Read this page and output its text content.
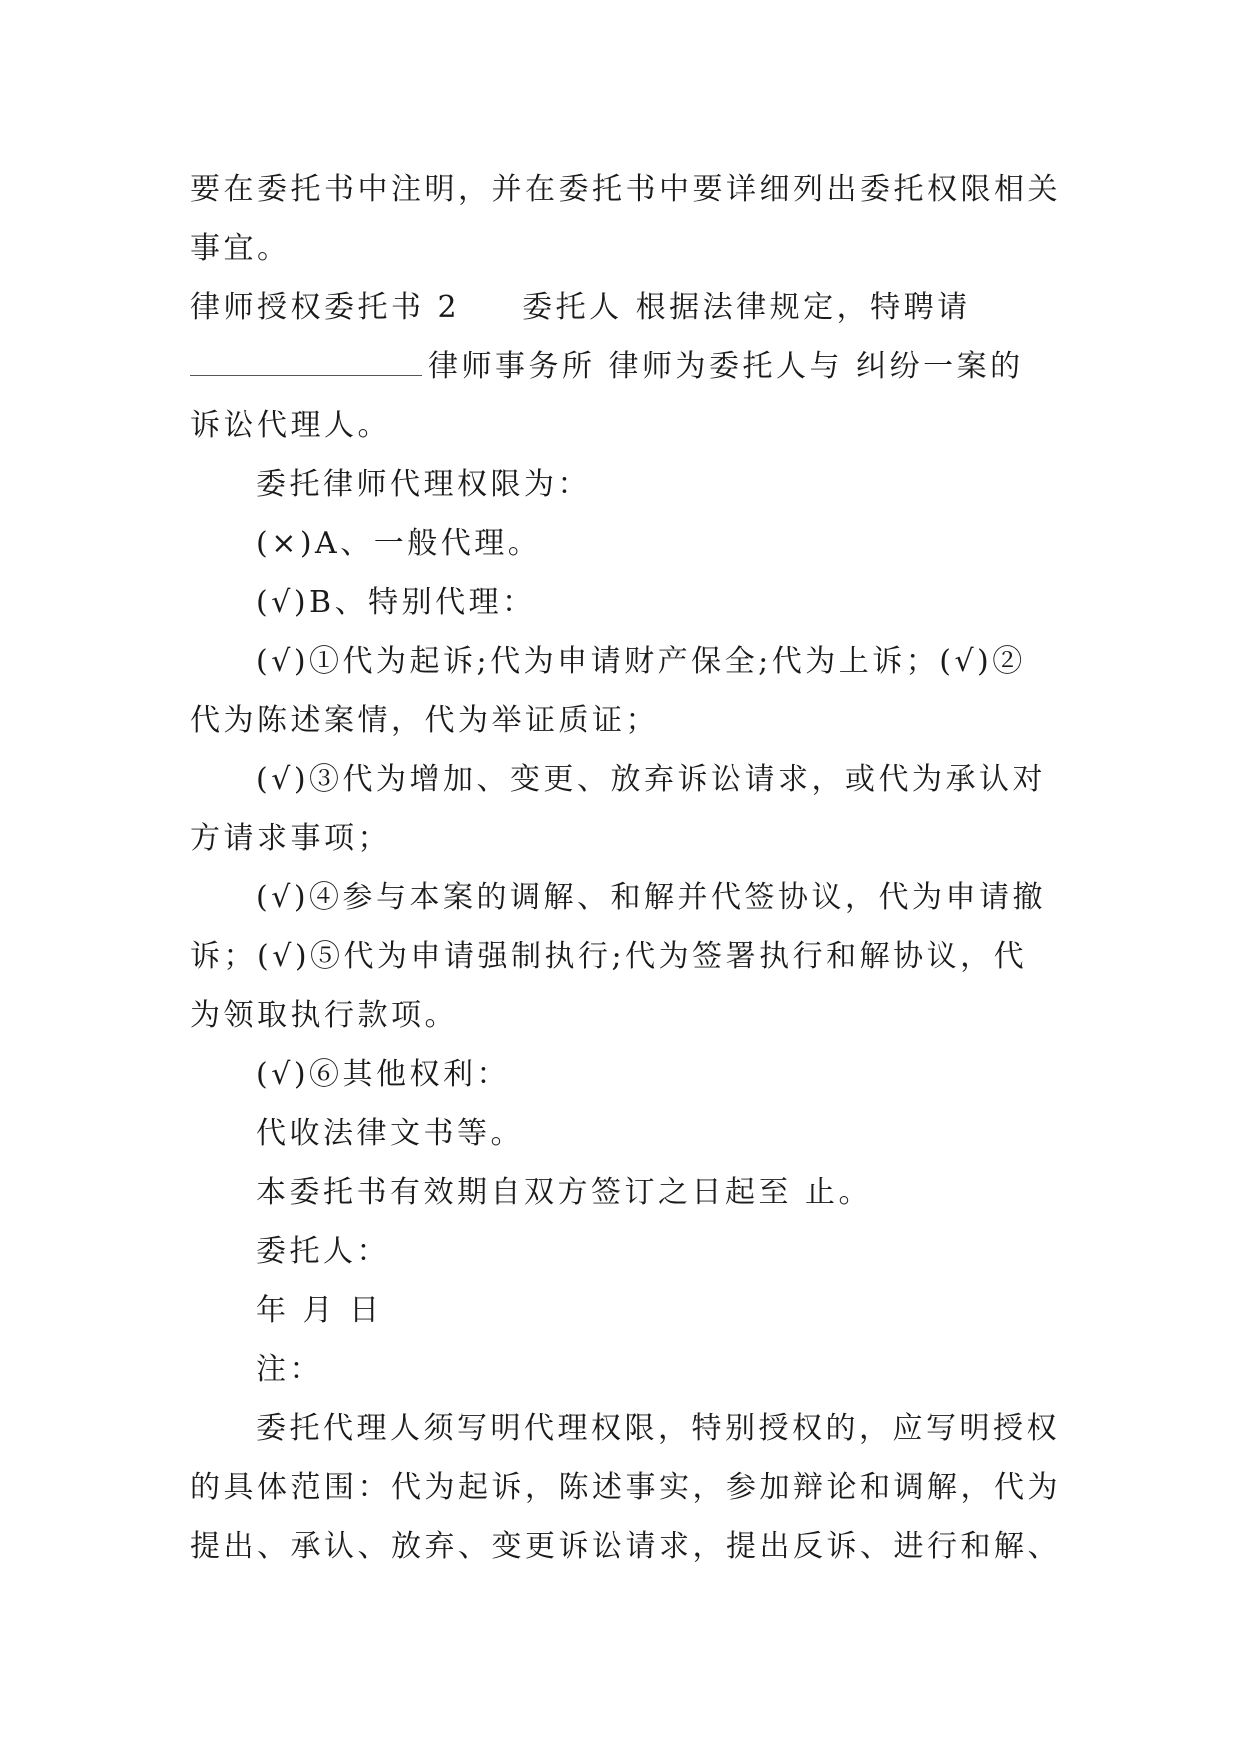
要在委托书中注明，并在委托书中要详细列出委托权限相关
事宜。
律师授权委托书 2 委托人 根据法律规定，特聘请
律师事务所 律师为委托人与 纠纷一案的
诉讼代理人。
委托律师代理权限为：
(×)A、一般代理。
(√)B、特别代理：
(√)①代为起诉;代为申请财产保全;代为上诉；(√)②
代为陈述案情，代为举证质证；
(√)③代为增加、变更、放弃诉讼请求，或代为承认对
方请求事项；
(√)④参与本案的调解、和解并代签协议，代为申请撤
诉；(√)⑤代为申请强制执行;代为签署执行和解协议，代
为领取执行款项。
(√)⑥其他权利：
代收法律文书等。
本委托书有效期自双方签订之日起至 止。
委托人：
年 月 日
注：
委托代理人须写明代理权限，特别授权的，应写明授权
的具体范围：代为起诉，陈述事实，参加辩论和调解，代为
提出、承认、放弃、变更诉讼请求，提出反诉、进行和解、
